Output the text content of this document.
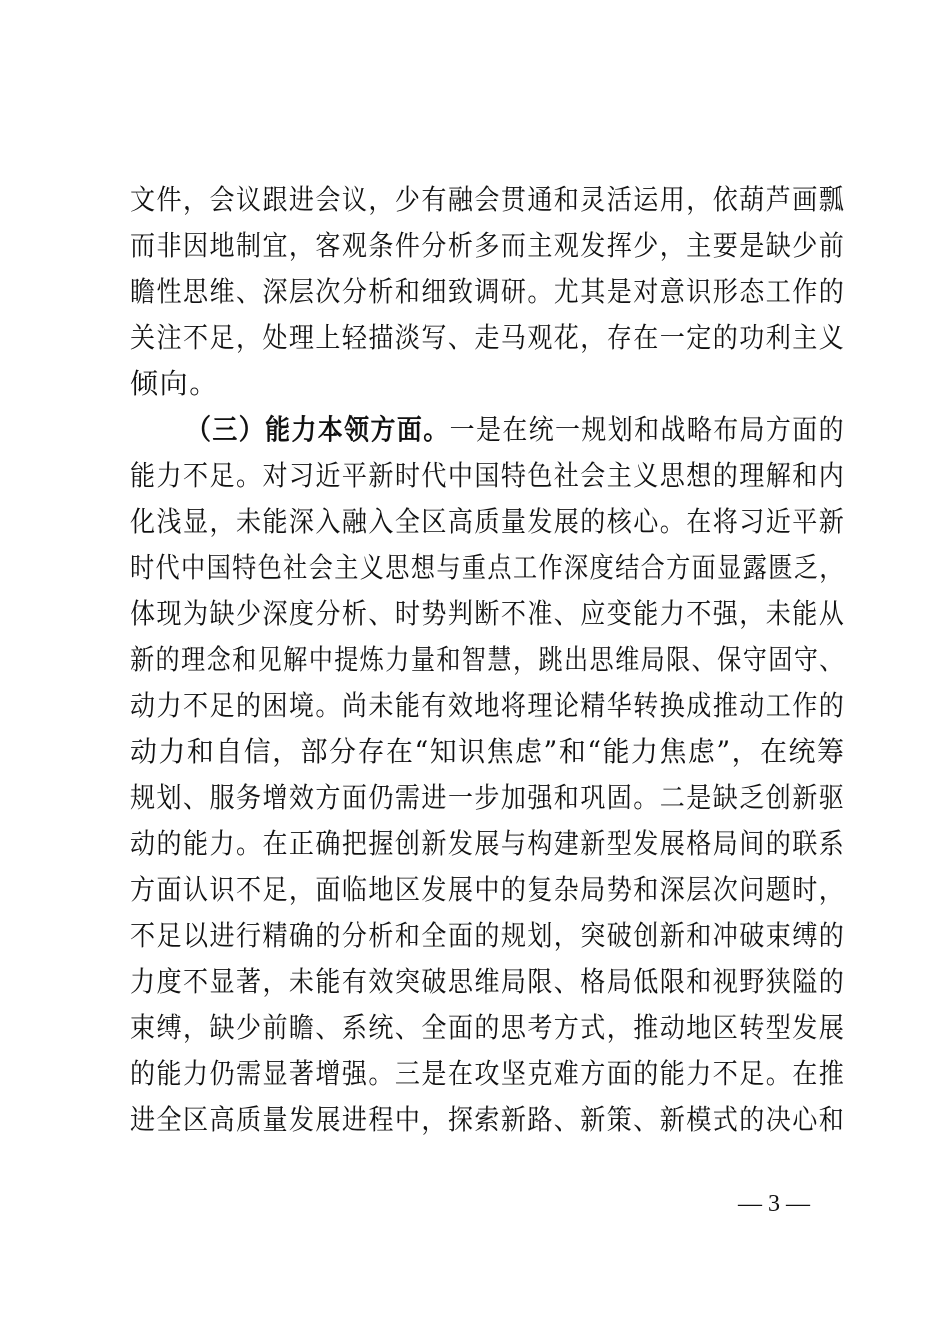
文件，会议跟进会议，少有融会贯通和灵活运用，依葫芦画瓢
而非因地制宜，客观条件分析多而主观发挥少，主要是缺少前
瞻性思维、深层次分析和细致调研。尤其是对意识形态工作的
关注不足，处理上轻描淡写、走马观花，存在一定的功利主义
倾向。
（三）能力本领方面。一是在统一规划和战略布局方面的
能力不足。对习近平新时代中国特色社会主义思想的理解和内
化浅显，未能深入融入全区高质量发展的核心。在将习近平新
时代中国特色社会主义思想与重点工作深度结合方面显露匮乏，
体现为缺少深度分析、时势判断不准、应变能力不强，未能从
新的理念和见解中提炼力量和智慧，跳出思维局限、保守固守、
动力不足的困境。尚未能有效地将理论精华转换成推动工作的
动力和自信，部分存在“知识焦虑”和“能力焦虑”，在统筹
规划、服务增效方面仍需进一步加强和巩固。二是缺乏创新驱
动的能力。在正确把握创新发展与构建新型发展格局间的联系
方面认识不足，面临地区发展中的复杂局势和深层次问题时，
不足以进行精确的分析和全面的规划，突破创新和冲破束缚的
力度不显著，未能有效突破思维局限、格局低限和视野狭隘的
束缚，缺少前瞻、系统、全面的思考方式，推动地区转型发展
的能力仍需显著增强。三是在攻坚克难方面的能力不足。在推
进全区高质量发展进程中，探索新路、新策、新模式的决心和
— 3 —
